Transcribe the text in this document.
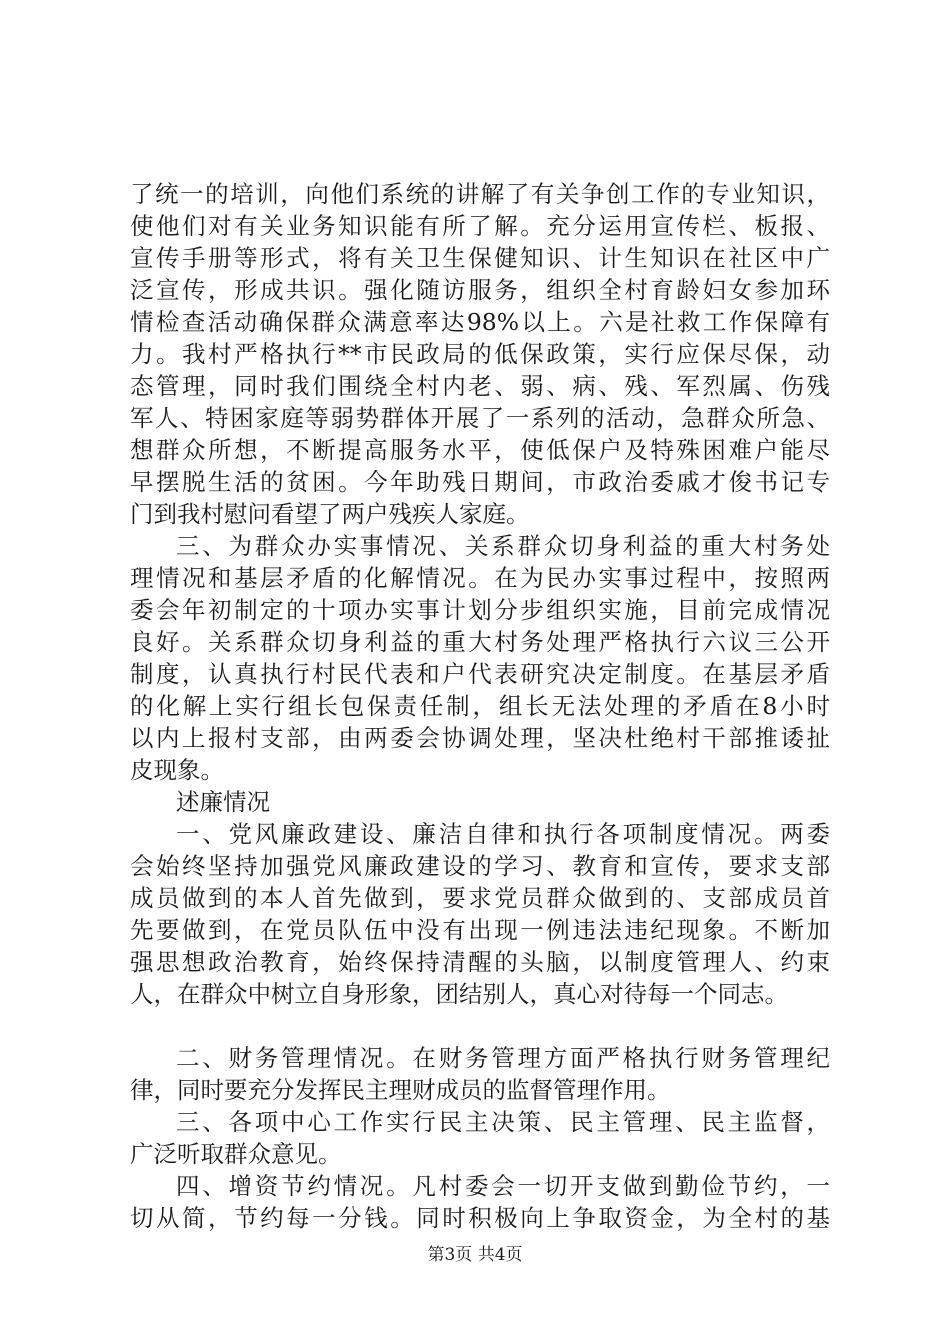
了统一的培训，向他们系统的讲解了有关争创工作的专业知识，
使他们对有关业务知识能有所了解。充分运用宣传栏、板报、
宣传手册等形式，将有关卫生保健知识、计生知识在社区中广
泛宣传，形成共识。强化随访服务，组织全村育龄妇女参加环
情检查活动确保群众满意率达98%以上。六是社救工作保障有
力。我村严格执行**市民政局的低保政策，实行应保尽保，动
态管理，同时我们围绕全村内老、弱、病、残、军烈属、伤残
军人、特困家庭等弱势群体开展了一系列的活动，急群众所急、
想群众所想，不断提高服务水平，使低保户及特殊困难户能尽
早摆脱生活的贫困。今年助残日期间，市政治委戚才俊书记专
门到我村慰问看望了两户残疾人家庭。
三、为群众办实事情况、关系群众切身利益的重大村务处
理情况和基层矛盾的化解情况。在为民办实事过程中，按照两
委会年初制定的十项办实事计划分步组织实施，目前完成情况
良好。关系群众切身利益的重大村务处理严格执行六议三公开
制度，认真执行村民代表和户代表研究决定制度。在基层矛盾
的化解上实行组长包保责任制，组长无法处理的矛盾在8小时
以内上报村支部，由两委会协调处理，坚决杜绝村干部推诿扯
皮现象。
述廉情况
一、党风廉政建设、廉洁自律和执行各项制度情况。两委
会始终坚持加强党风廉政建设的学习、教育和宣传，要求支部
成员做到的本人首先做到，要求党员群众做到的、支部成员首
先要做到，在党员队伍中没有出现一例违法违纪现象。不断加
强思想政治教育，始终保持清醒的头脑，以制度管理人、约束
人，在群众中树立自身形象，团结别人，真心对待每一个同志。
二、财务管理情况。在财务管理方面严格执行财务管理纪
律，同时要充分发挥民主理财成员的监督管理作用。
三、各项中心工作实行民主决策、民主管理、民主监督，
广泛听取群众意见。
四、增资节约情况。凡村委会一切开支做到勤俭节约，一
切从简，节约每一分钱。同时积极向上争取资金，为全村的基
第3页 共4页
